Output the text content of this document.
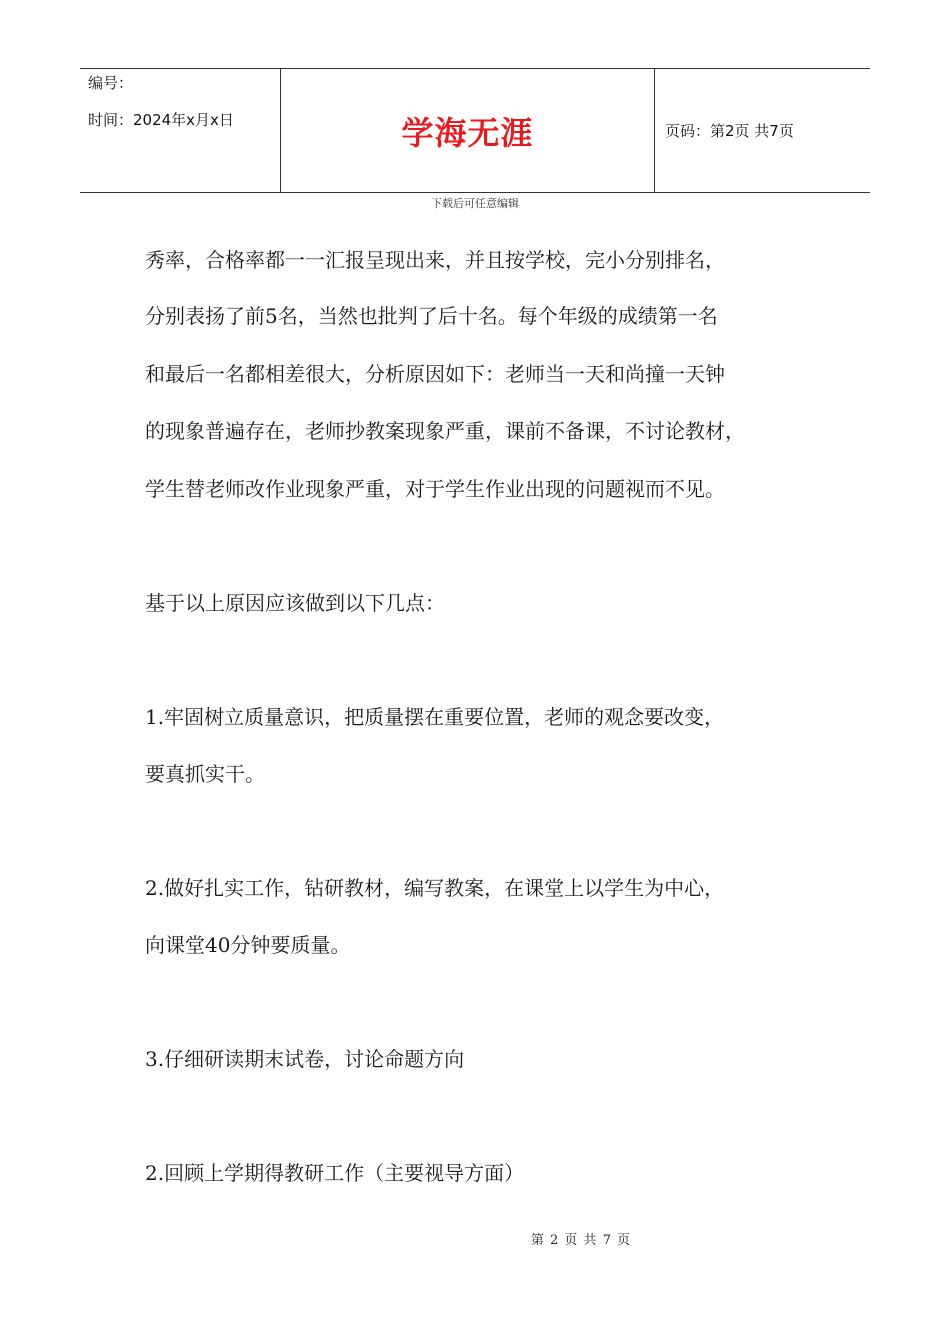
编号：
时间：2024年x月x日	学海无涯	页码：第2页 共7页
下载后可任意编辑
秀率，合格率都一一汇报呈现出来，并且按学校，完小分别排名，
分别表扬了前5名，当然也批判了后十名。每个年级的成绩第一名
和最后一名都相差很大，分析原因如下：老师当一天和尚撞一天钟
的现象普遍存在，老师抄教案现象严重，课前不备课，不讨论教材，
学生替老师改作业现象严重，对于学生作业出现的问题视而不见。
基于以上原因应该做到以下几点：
1.牢固树立质量意识，把质量摆在重要位置，老师的观念要改变，
要真抓实干。
2.做好扎实工作，钻研教材，编写教案，在课堂上以学生为中心，
向课堂40分钟要质量。
3.仔细研读期末试卷，讨论命题方向
2.回顾上学期得教研工作（主要视导方面）
第 2 页 共 7 页
